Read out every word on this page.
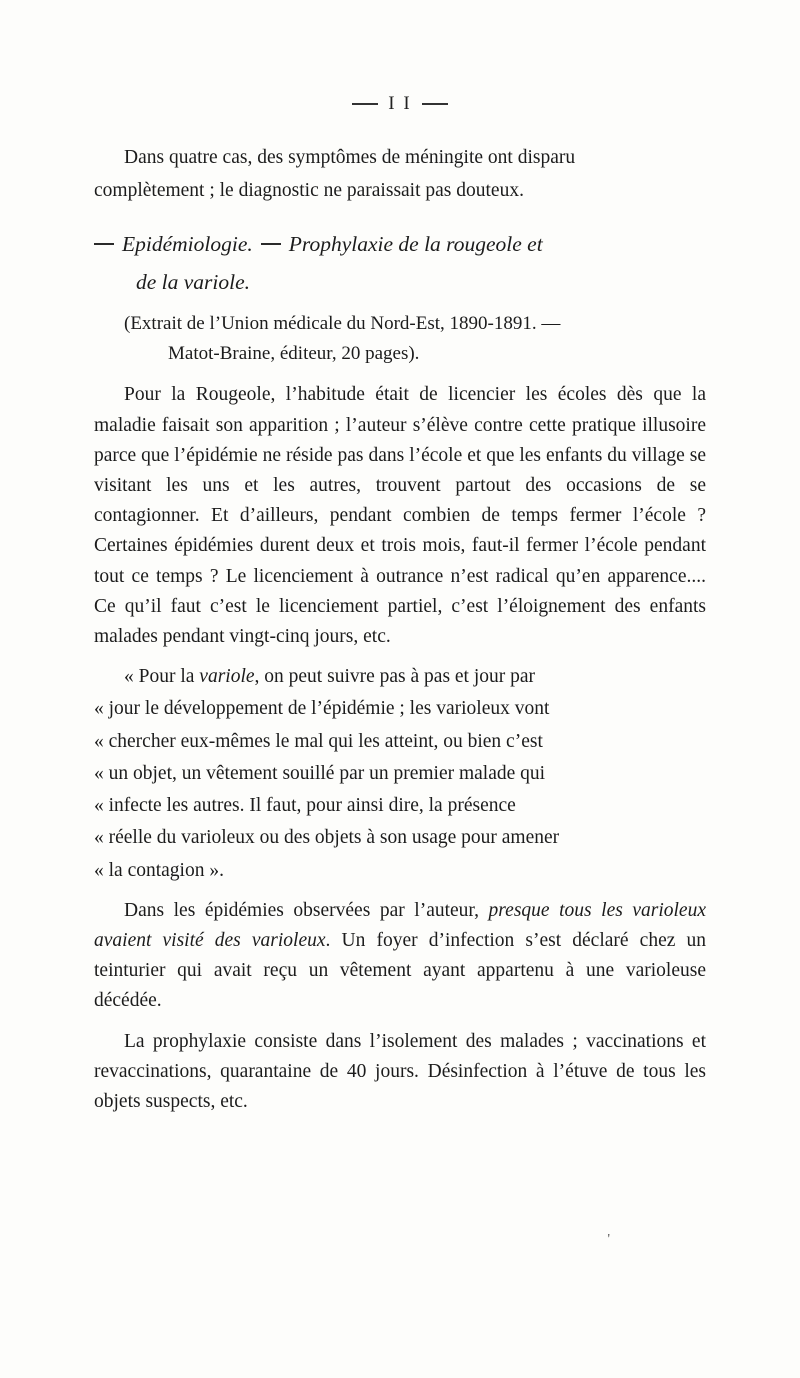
I I

Dans quatre cas, des symptômes de méningite ont disparu

complètement ; le diagnostic ne paraissait pas douteux.

Epidémiologie. Prophylaxie de la rougeole et
de la variole.
(Extrait de l’Union médicale du Nord-Est, 1890-1891. —
Matot-Braine, éditeur, 20 pages).

Pour la Rougeole, l’habitude était de licencier les écoles dès que la maladie faisait son apparition ; l’auteur s’élève contre cette pratique illusoire parce que l’épidémie ne réside pas dans l’école et que les enfants du village se visitant les uns et les autres, trouvent partout des occasions de se contagionner. Et d’ailleurs, pendant combien de temps fermer l’école ? Certaines épidémies durent deux et trois mois, faut-il fermer l’école pendant tout ce temps ? Le licenciement à outrance n’est radical qu’en apparence.... Ce qu’il faut c’est le licenciement partiel, c’est l’éloignement des enfants malades pendant vingt-cinq jours, etc.

« Pour la variole, on peut suivre pas à pas et jour par

« jour le développement de l’épidémie ; les varioleux vont

« chercher eux-mêmes le mal qui les atteint, ou bien c’est

« un objet, un vêtement souillé par un premier malade qui

« infecte les autres. Il faut, pour ainsi dire, la présence

« réelle du varioleux ou des objets à son usage pour amener

« la contagion ».

Dans les épidémies observées par l’auteur, presque tous les varioleux avaient visité des varioleux. Un foyer d’infection s’est déclaré chez un teinturier qui avait reçu un vêtement ayant appartenu à une varioleuse décédée.

La prophylaxie consiste dans l’isolement des malades ; vaccinations et revaccinations, quarantaine de 40 jours. Désinfection à l’étuve de tous les objets suspects, etc.

'
